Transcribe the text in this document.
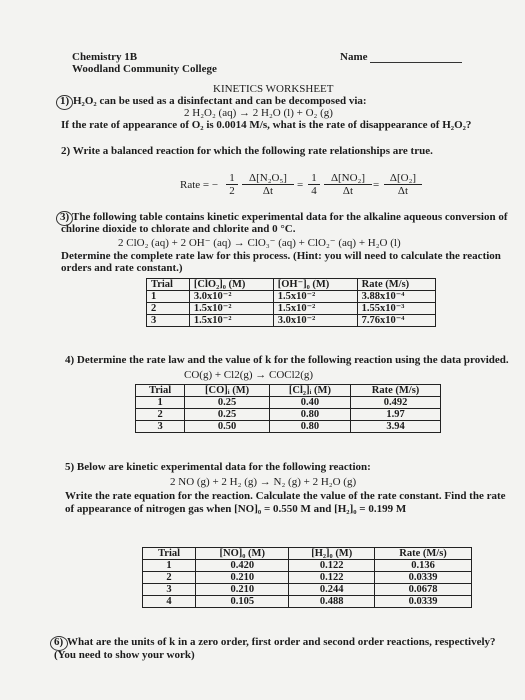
Chemistry 1B
Woodland Community College
Name
KINETICS WORKSHEET
1) H₂O₂ can be used as a disinfectant and can be decomposed via:
2 H₂O₂ (aq) → 2 H₂O (l) + O₂ (g)
If the rate of appearance of O₂ is 0.0014 M/s, what is the rate of disappearance of H₂O₂?
2) Write a balanced reaction for which the following rate relationships are true.
Rate = − $\frac{1}{2} \frac{\text{Δ[N₂O₅]}}{\Delta t} = \frac{1}{4} \frac{\text{Δ[NO₂]}}{\Delta t} = \frac{\text{Δ[O₂]}}{\Delta t}$
3) The following table contains kinetic experimental data for the alkaline aqueous conversion of
chlorine dioxide to chlorate and chlorite and 0 °C.
2 ClO₂ (aq) + 2 OH⁻ (aq) → ClO₃⁻ (aq) + ClO₂⁻ (aq) + H₂O (l)
Determine the complete rate law for this process. (Hint: you will need to calculate the reaction
orders and rate constant.)
Trial	[ClO₂]₀ (M)	[OH⁻]₀ (M)	Rate (M/s)
1	3.0x10⁻²	1.5x10⁻²	3.88x10⁻⁴
2	1.5x10⁻²	1.5x10⁻²	1.55x10⁻³
3	1.5x10⁻²	3.0x10⁻²	7.76x10⁻⁴
4) Determine the rate law and the value of k for the following reaction using the data provided.
CO(g) + Cl2(g) → COCl2(g)
Trial	[CO]ᵢ (M)	[Cl₂]ᵢ (M)	Rate (M/s)
1	0.25	0.40	0.492
2	0.25	0.80	1.97
3	0.50	0.80	3.94
5) Below are kinetic experimental data for the following reaction:
2 NO (g) + 2 H₂ (g) → N₂ (g) + 2 H₂O (g)
Write the rate equation for the reaction. Calculate the value of the rate constant. Find the rate
of appearance of nitrogen gas when [NO]₀ = 0.550 M and [H₂]₀ = 0.199 M
Trial	[NO]₀ (M)	[H₂]₀ (M)	Rate (M/s)
1	0.420	0.122	0.136
2	0.210	0.122	0.0339
3	0.210	0.244	0.0678
4	0.105	0.488	0.0339
6) What are the units of k in a zero order, first order and second order reactions, respectively?
(You need to show your work)
